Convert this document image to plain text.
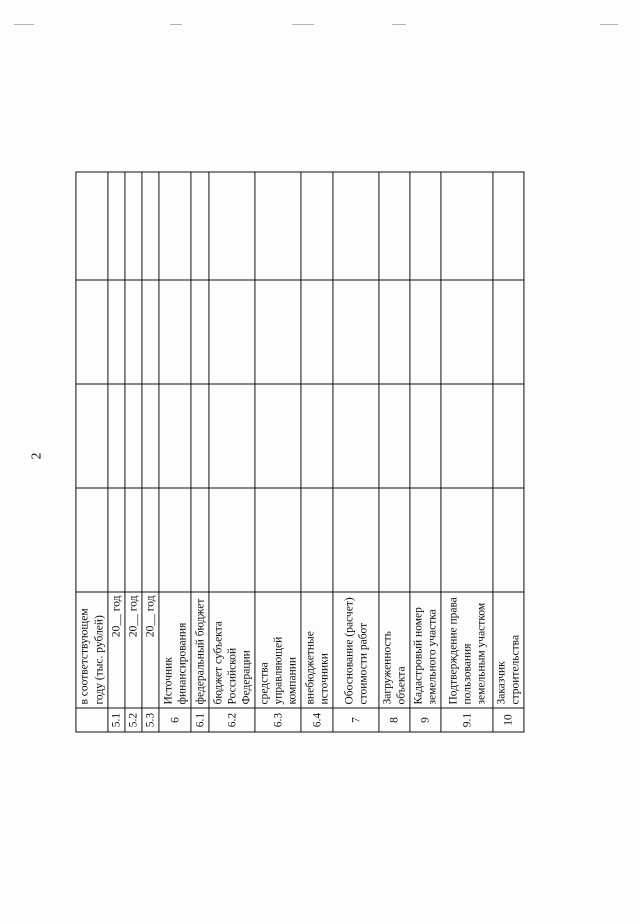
2
	в соответствующем году (тыс. рублей)				
5.1	20__ год				
5.2	20__ год				
5.3	20__ год				
6	Источник финансирования				
6.1	федеральный бюджет				
6.2	бюджет субъекта Российской Федерации				
6.3	средства управляющей компании				
6.4	внебюджетные источники				
7	Обоснование (расчет) стоимости работ				
8	Загруженность объекта				
9	Кадастровый номер земельного участка				
9.1	Подтверждение права пользования земельным участком				
10	Заказчик строительства				
